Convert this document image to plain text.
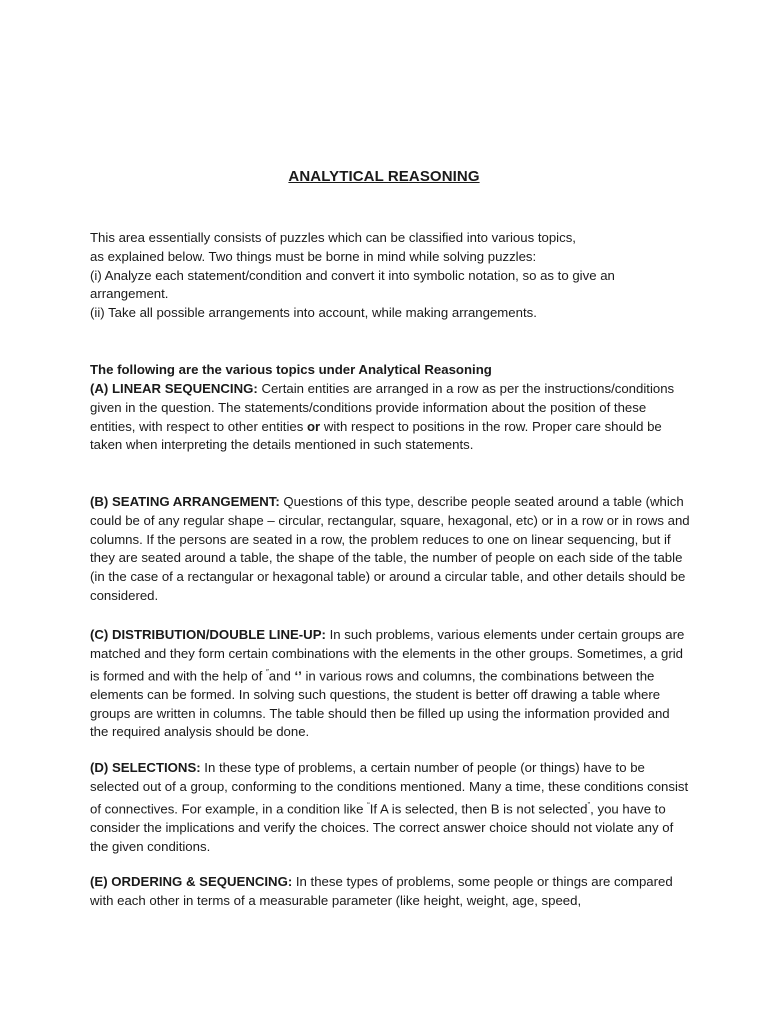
ANALYTICAL REASONING

This area essentially consists of puzzles which can be classified into various topics,

as explained below. Two things must be borne in mind while solving puzzles:

(i) Analyze each statement/condition and convert it into symbolic notation, so as to give an arrangement.

(ii) Take all possible arrangements into account, while making arrangements.

The following are the various topics under Analytical Reasoning

(A) LINEAR SEQUENCING: Certain entities are arranged in a row as per the instructions/conditions given in the question. The statements/conditions provide information about the position of these entities, with respect to other entities or with respect to positions in the row. Proper care should be taken when interpreting the details mentioned in such statements.

(B) SEATING ARRANGEMENT: Questions of this type, describe people seated around a table (which could be of any regular shape – circular, rectangular, square, hexagonal, etc) or in a row or in rows and columns. If the persons are seated in a row, the problem reduces to one on linear sequencing, but if they are seated around a table, the shape of the table, the number of people on each side of the table (in the case of a rectangular or hexagonal table) or around a circular table, and other details should be considered.

(C) DISTRIBUTION/DOUBLE LINE-UP: In such problems, various elements under certain groups are matched and they form certain combinations with the elements in the other groups. Sometimes, a grid is formed and with the help of ″and ‘’ in various rows and columns, the combinations between the elements can be formed. In solving such questions, the student is better off drawing a table where groups are written in columns. The table should then be filled up using the information provided and the required analysis should be done.

(D) SELECTIONS: In these type of problems, a certain number of people (or things) have to be selected out of a group, conforming to the conditions mentioned. Many a time, these conditions consist of connectives. For example, in a condition like “If A is selected, then B is not selected”, you have to consider the implications and verify the choices. The correct answer choice should not violate any of the given conditions.

(E) ORDERING & SEQUENCING: In these types of problems, some people or things are compared with each other in terms of a measurable parameter (like height, weight, age, speed,
